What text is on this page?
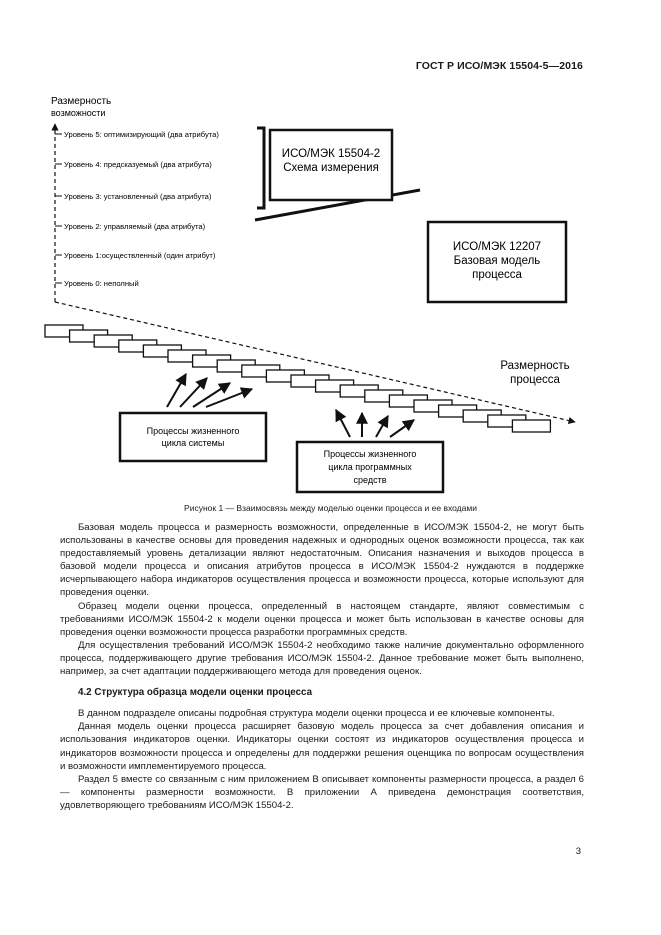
ГОСТ Р ИСО/МЭК 15504-5—2016
Размерность
возможности
Уровень 5: оптимизирующий (два атрибута)
Уровень 4: предсказуемый (два атрибута)
Уровень 3: установленный (два атрибута)
Уровень 2: управляемый (два атрибута)
Уровень 1:осуществленный (один атрибут)
Уровень 0: неполный
ИСО/МЭК 15504-2
Схема измерения
ИСО/МЭК 12207
Базовая модель
процесса
Размерность
процесса
Процессы жизненного
цикла системы
Процессы жизненного
цикла программных
средств
Рисунок 1 — Взаимосвязь между моделью оценки процесса и ее входами

Базовая модель процесса и размерность возможности, определенные в ИСО/МЭК 15504-2, не могут быть использованы в качестве основы для проведения надежных и однородных оценок возможности процесса, так как предоставляемый уровень детализации являют недостаточным. Описания назначения и выходов процесса в базовой модели процесса и описания атрибутов процесса в ИСО/МЭК 15504-2 нуждаются в поддержке исчерпывающего набора индикаторов осуществления процесса и возможности процесса, которые используют для проведения оценки.

Образец модели оценки процесса, определенный в настоящем стандарте, являют совместимым с требованиями ИСО/МЭК 15504-2 к модели оценки процесса и может быть использован в качестве основы для проведения оценки возможности процесса разработки программных средств.

Для осуществления требований ИСО/МЭК 15504-2 необходимо также наличие документально оформленного процесса, поддерживающего другие требования ИСО/МЭК 15504-2. Данное требование может быть выполнено, например, за счет адаптации поддерживающего метода для проведения оценок.

4.2 Структура образца модели оценки процесса

В данном подразделе описаны подробная структура модели оценки процесса и ее ключевые компоненты.

Данная модель оценки процесса расширяет базовую модель процесса за счет добавления описания и использования индикаторов оценки. Индикаторы оценки состоят из индикаторов осуществления процесса и индикаторов возможности процесса и определены для поддержки решения оценщика по вопросам осуществления и возможности имплементируемого процесса.

Раздел 5 вместе со связанным с ним приложением B описывает компоненты размерности процесса, а раздел 6 — компоненты размерности возможности. В приложении А приведена демонстрация соответствия, удовлетворяющего требованиям ИСО/МЭК 15504-2.

3
